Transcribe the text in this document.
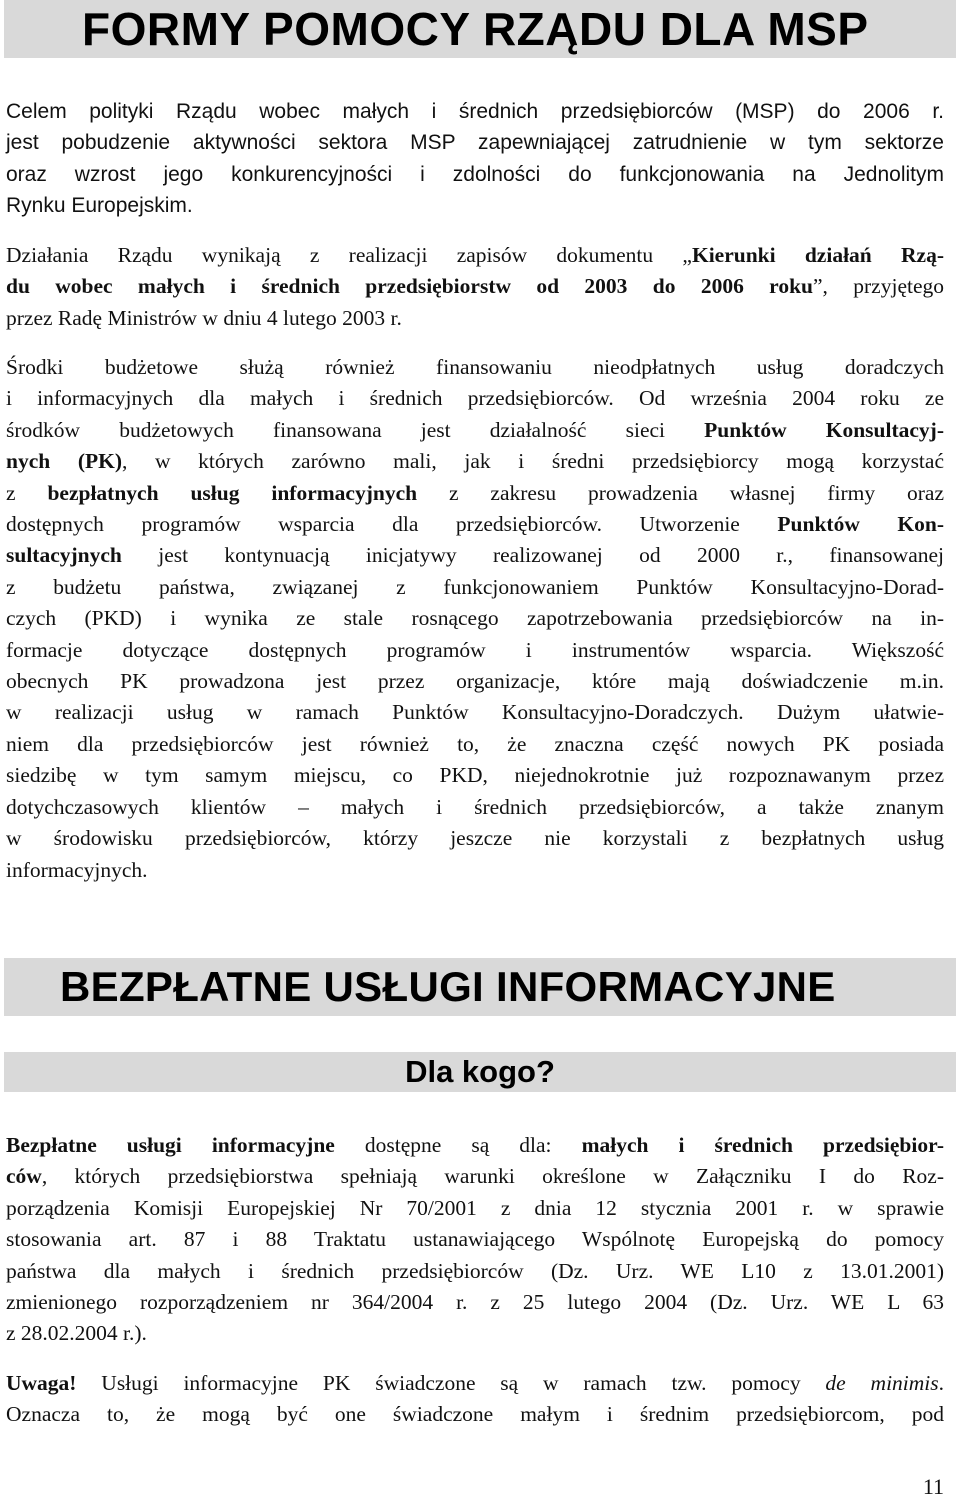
FORMY POMOCY RZĄDU DLA MSP
Celem polityki Rządu wobec małych i średnich przedsiębiorców (MSP) do 2006 r.
jest pobudzenie aktywności sektora MSP zapewniającej zatrudnienie w tym sektorze
oraz wzrost jego konkurencyjności i zdolności do funkcjonowania na Jednolitym
Rynku Europejskim.
Działania Rządu wynikają z realizacji zapisów dokumentu „Kierunki działań Rzą-
du wobec małych i średnich przedsiębiorstw od 2003 do 2006 roku”, przyjętego
przez Radę Ministrów w dniu 4 lutego 2003 r.
Środki budżetowe służą również finansowaniu nieodpłatnych usług doradczych
i informacyjnych dla małych i średnich przedsiębiorców. Od września 2004 roku ze
środków budżetowych finansowana jest działalność sieci Punktów Konsultacyj-
nych (PK), w których zarówno mali, jak i średni przedsiębiorcy mogą korzystać
z bezpłatnych usług informacyjnych z zakresu prowadzenia własnej firmy oraz
dostępnych programów wsparcia dla przedsiębiorców. Utworzenie Punktów Kon-
sultacyjnych jest kontynuacją inicjatywy realizowanej od 2000 r., finansowanej
z budżetu państwa, związanej z funkcjonowaniem Punktów Konsultacyjno-Dorad-
czych (PKD) i wynika ze stale rosnącego zapotrzebowania przedsiębiorców na in-
formacje dotyczące dostępnych programów i instrumentów wsparcia. Większość
obecnych PK prowadzona jest przez organizacje, które mają doświadczenie m.in.
w realizacji usług w ramach Punktów Konsultacyjno-Doradczych. Dużym ułatwie-
niem dla przedsiębiorców jest również to, że znaczna część nowych PK posiada
siedzibę w tym samym miejscu, co PKD, niejednokrotnie już rozpoznawanym przez
dotychczasowych klientów – małych i średnich przedsiębiorców, a także znanym
w środowisku przedsiębiorców, którzy jeszcze nie korzystali z bezpłatnych usług
informacyjnych.
BEZPŁATNE USŁUGI INFORMACYJNE
Dla kogo?
Bezpłatne usługi informacyjne dostępne są dla: małych i średnich przedsiębior-
ców, których przedsiębiorstwa spełniają warunki określone w Załączniku I do Roz-
porządzenia Komisji Europejskiej Nr 70/2001 z dnia 12 stycznia 2001 r. w sprawie
stosowania art. 87 i 88 Traktatu ustanawiającego Wspólnotę Europejską do pomocy
państwa dla małych i średnich przedsiębiorców (Dz. Urz. WE L10 z 13.01.2001)
zmienionego rozporządzeniem nr 364/2004 r. z 25 lutego 2004 (Dz. Urz. WE L 63
z 28.02.2004 r.).
Uwaga! Usługi informacyjne PK świadczone są w ramach tzw. pomocy de minimis.
Oznacza to, że mogą być one świadczone małym i średnim przedsiębiorcom, pod
11
